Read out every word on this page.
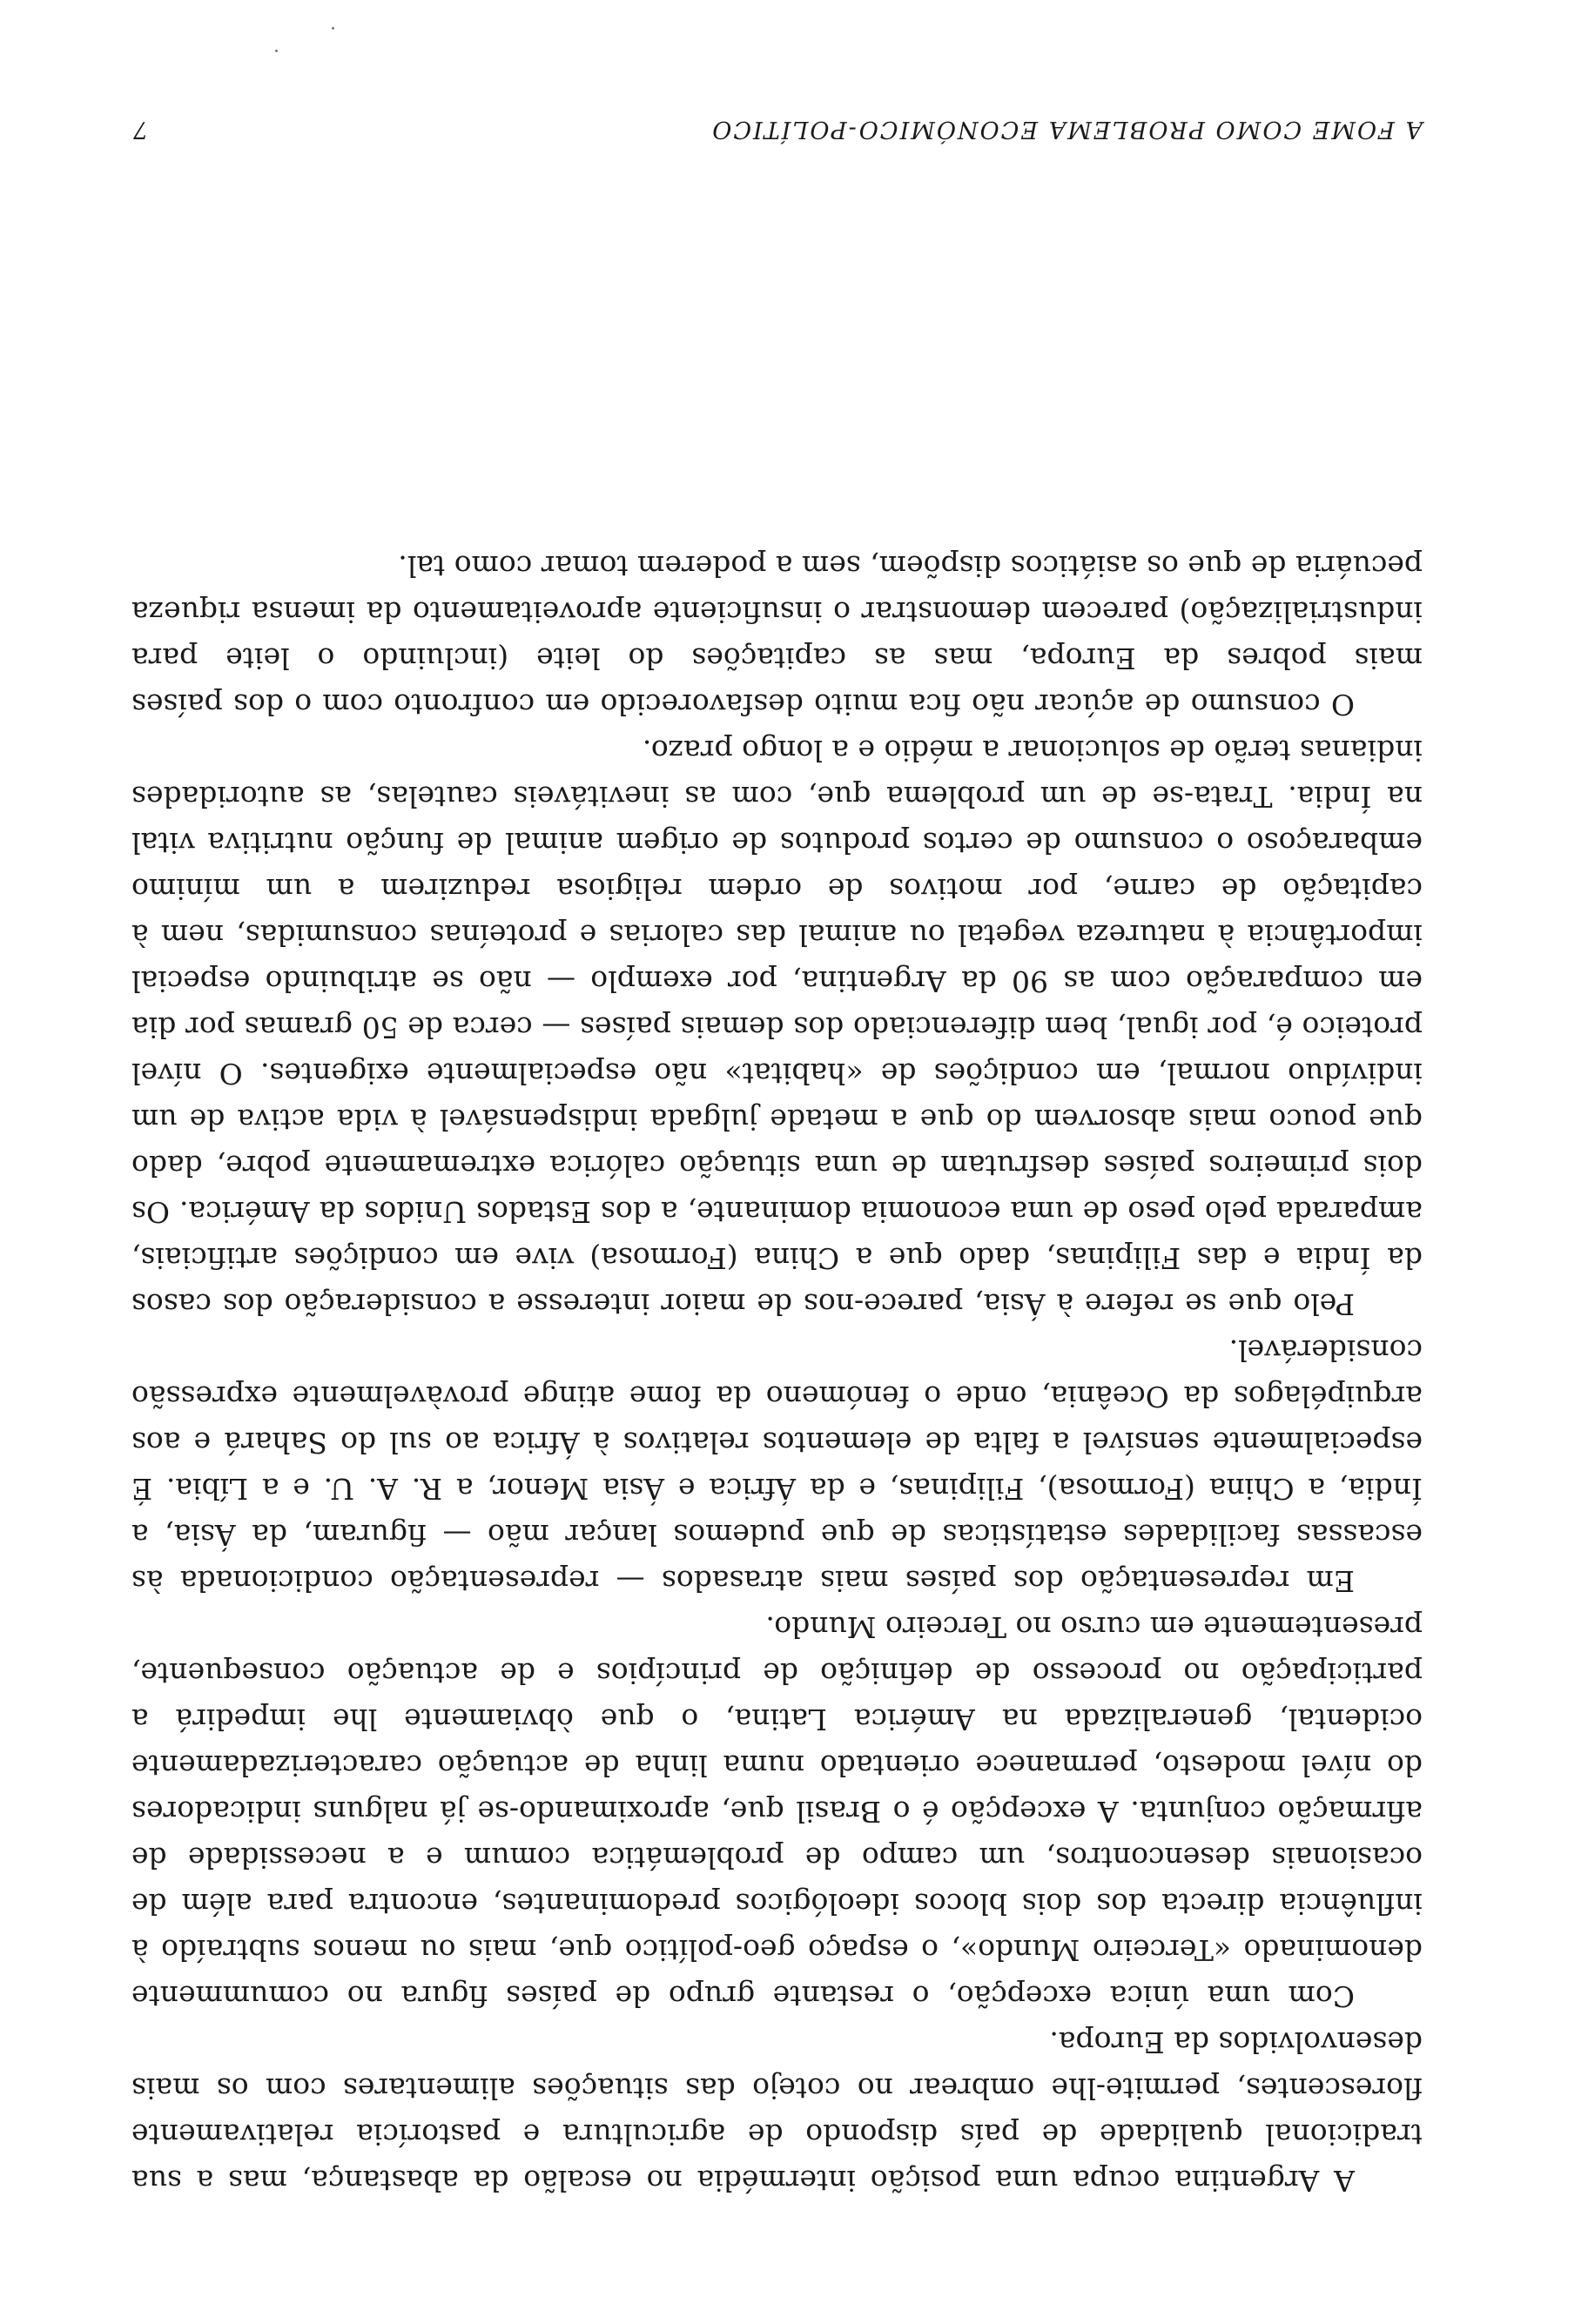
A FOME COMO PROBLEMA ECONÓMICO-POLÍTICO
7

A Argentina ocupa uma posição intermédia no escalão da abastança, mas a sua tradicional qualidade de país dispondo de agricultura e pastorícia relativamente florescentes, permite-lhe ombrear no cotejo das situações alimentares com os mais desenvolvidos da Europa.

Com uma única excepção, o restante grupo de países figura no comummente denominado «Terceiro Mundo», o espaço geo-político que, mais ou menos subtraído à influência directa dos dois blocos ideológicos predominantes, encontra para além de ocasionais desencontros, um campo de problemática comum e a necessidade de afirmação conjunta. A excepção é o Brasil que, aproximando-se já nalguns indicadores do nível modesto, permanece orientado numa linha de actuação caracterizadamente ocidental, generalizada na América Latina, o que òbviamente lhe impedirá a participação no processo de definição de princípios e de actuação consequente, presentemente em curso no Terceiro Mundo.

Em representação dos países mais atrasados — representação condicionada às escassas facilidades estatísticas de que pudemos lançar mão — figuram, da Ásia, a Índia, a China (Formosa), Filipinas, e da África e Ásia Menor, a R. A. U. e a Líbia. É especialmente sensível a falta de elementos relativos à África ao sul do Sahará e aos arquipélagos da Oceânia, onde o fenómeno da fome atinge provàvelmente expressão considerável.

Pelo que se refere à Ásia, parece-nos de maior interesse a consideração dos casos da Índia e das Filipinas, dado que a China (Formosa) vive em condições artificiais, amparada pelo peso de uma economia dominante, a dos Estados Unidos da América. Os dois primeiros países desfrutam de uma situação calórica extremamente pobre, dado que pouco mais absorvem do que a metade julgada indispensável à vida activa de um indivíduo normal, em condições de «habitat» não especialmente exigentes. O nível proteico é, por igual, bem diferenciado dos demais países — cerca de 50 gramas por dia em comparação com as 90 da Argentina, por exemplo — não se atribuindo especial importância à natureza vegetal ou animal das calorias e proteínas consumidas, nem à capitação de carne, por motivos de ordem religiosa reduzirem a um mínimo embaraçoso o consumo de certos produtos de origem animal de função nutritiva vital na Índia. Trata-se de um problema que, com as inevitáveis cautelas, as autoridades indianas terão de solucionar a médio e a longo prazo.

O consumo de açúcar não fica muito desfavorecido em confronto com o dos países mais pobres da Europa, mas as capitações do leite (incluindo o leite para industrialização) parecem demonstrar o insuficiente aproveitamento da imensa riqueza pecuária de que os asiáticos dispõem, sem a poderem tomar como tal.
